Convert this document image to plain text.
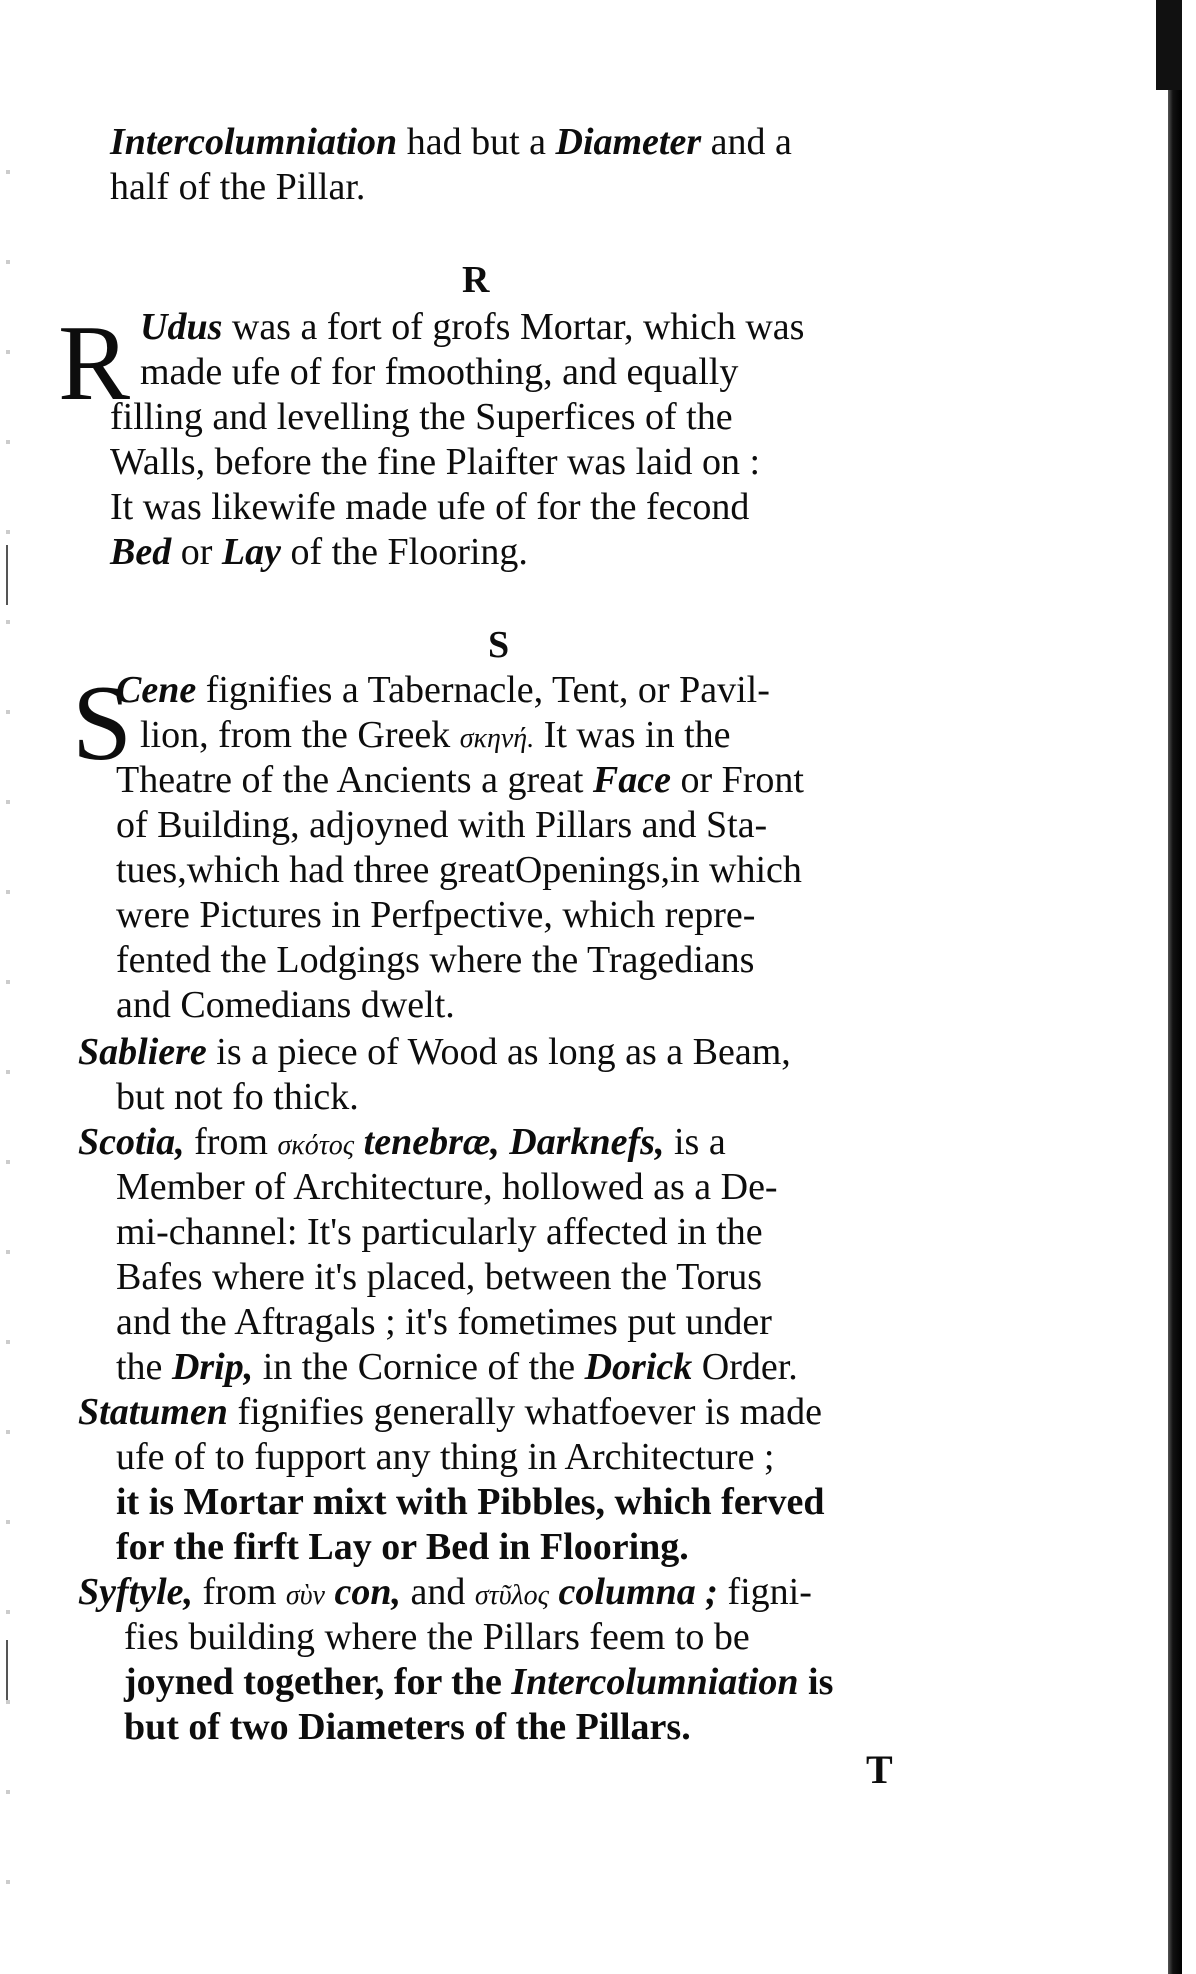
Intercolumniation had but a Diameter and a
half of the Pillar.
R
R Udus was a fort of grofs Mortar, which was
made ufe of for fmoothing, and equally
filling and levelling the Superfices of the
Walls, before the fine Plaifter was laid on :
It was likewife made ufe of for the fecond
Bed or Lay of the Flooring.
S
S
Cene fignifies a Tabernacle, Tent, or Pavil-
lion, from the Greek σκηνή. It was in the
Theatre of the Ancients a great Face or Front
of Building, adjoyned with Pillars and Sta-
tues,which had three greatOpenings,in which
were Pictures in Perfpective, which repre-
fented the Lodgings where the Tragedians
and Comedians dwelt.
Sabliere is a piece of Wood as long as a Beam,
but not fo thick.
Scotia, from σκότος tenebræ, Darknefs, is a
Member of Architecture, hollowed as a De-
mi-channel: It's particularly affected in the
Bafes where it's placed, between the Torus
and the Aftragals ; it's fometimes put under
the Drip, in the Cornice of the Dorick Order.
Statumen fignifies generally whatfoever is made
ufe of to fupport any thing in Architecture ;
it is Mortar mixt with Pibbles, which ferved
for the firft Lay or Bed in Flooring.
Syftyle, from σὺν con, and στῦλος columna ; figni-
fies building where the Pillars feem to be
joyned together, for the Intercolumniation is
but of two Diameters of the Pillars.
T
